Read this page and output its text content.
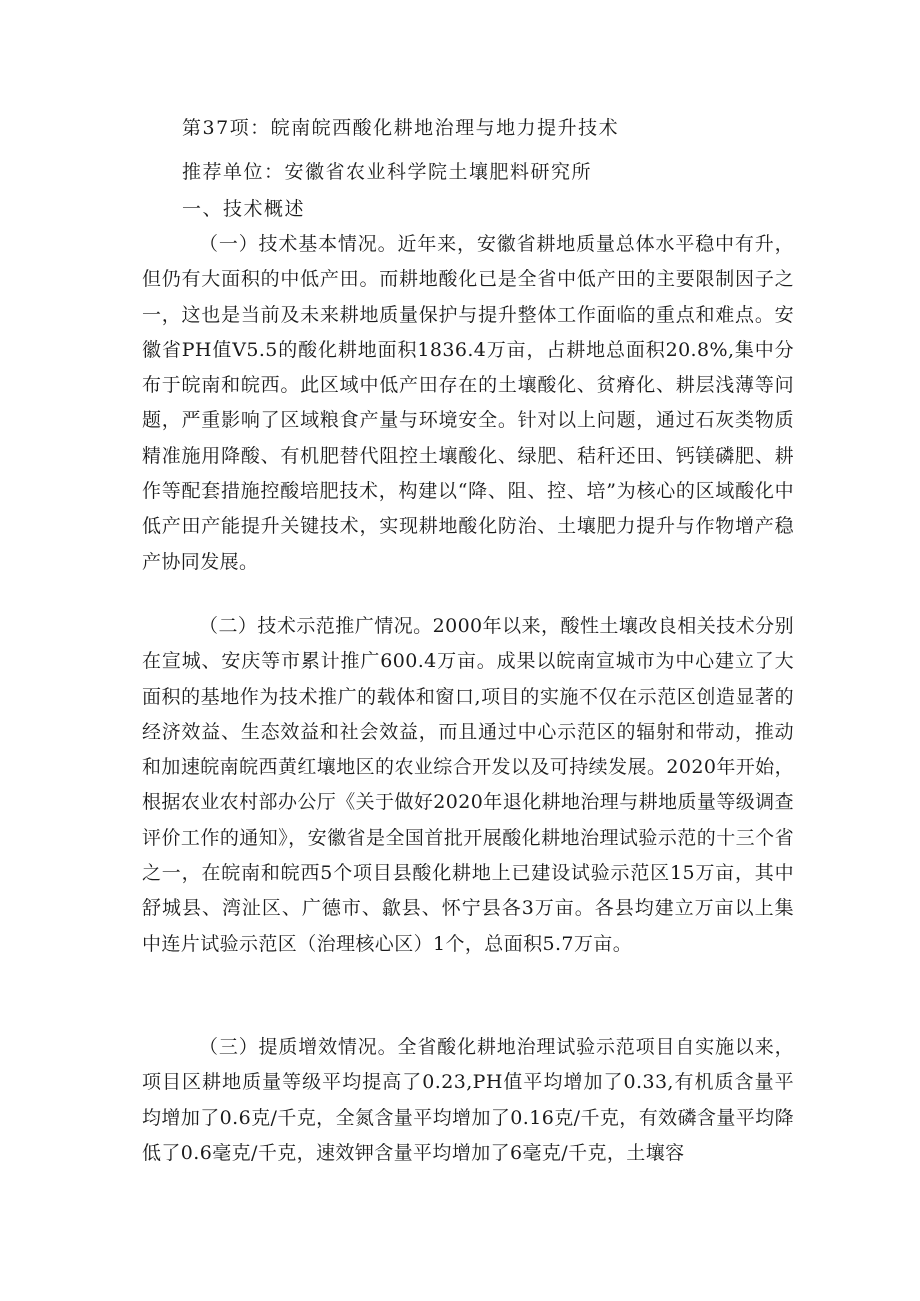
第37项：皖南皖西酸化耕地治理与地力提升技术
推荐单位：安徽省农业科学院土壤肥料研究所
一、技术概述

（一）技术基本情况。近年来，安徽省耕地质量总体水平稳中有升，但仍有大面积的中低产田。而耕地酸化已是全省中低产田的主要限制因子之一，这也是当前及未来耕地质量保护与提升整体工作面临的重点和难点。安徽省PH值V5.5的酸化耕地面积1836.4万亩，占耕地总面积20.8%,集中分布于皖南和皖西。此区域中低产田存在的土壤酸化、贫瘠化、耕层浅薄等问题，严重影响了区域粮食产量与环境安全。针对以上问题，通过石灰类物质精准施用降酸、有机肥替代阻控土壤酸化、绿肥、秸秆还田、钙镁磷肥、耕作等配套措施控酸培肥技术，构建以“降、阻、控、培”为核心的区域酸化中低产田产能提升关键技术，实现耕地酸化防治、土壤肥力提升与作物增产稳产协同发展。

（二）技术示范推广情况。2000年以来，酸性土壤改良相关技术分别在宣城、安庆等市累计推广600.4万亩。成果以皖南宣城市为中心建立了大面积的基地作为技术推广的载体和窗口,项目的实施不仅在示范区创造显著的经济效益、生态效益和社会效益，而且通过中心示范区的辐射和带动，推动和加速皖南皖西黄红壤地区的农业综合开发以及可持续发展。2020年开始，根据农业农村部办公厅《关于做好2020年退化耕地治理与耕地质量等级调查评价工作的通知》，安徽省是全国首批开展酸化耕地治理试验示范的十三个省之一，在皖南和皖西5个项目县酸化耕地上已建设试验示范区15万亩，其中舒城县、湾沚区、广德市、歙县、怀宁县各3万亩。各县均建立万亩以上集中连片试验示范区（治理核心区）1个，总面积5.7万亩。

（三）提质增效情况。全省酸化耕地治理试验示范项目自实施以来，项目区耕地质量等级平均提高了0.23,PH值平均增加了0.33,有机质含量平均增加了0.6克/千克，全氮含量平均增加了0.16克/千克，有效磷含量平均降低了0.6毫克/千克，速效钾含量平均增加了6毫克/千克，土壤容
